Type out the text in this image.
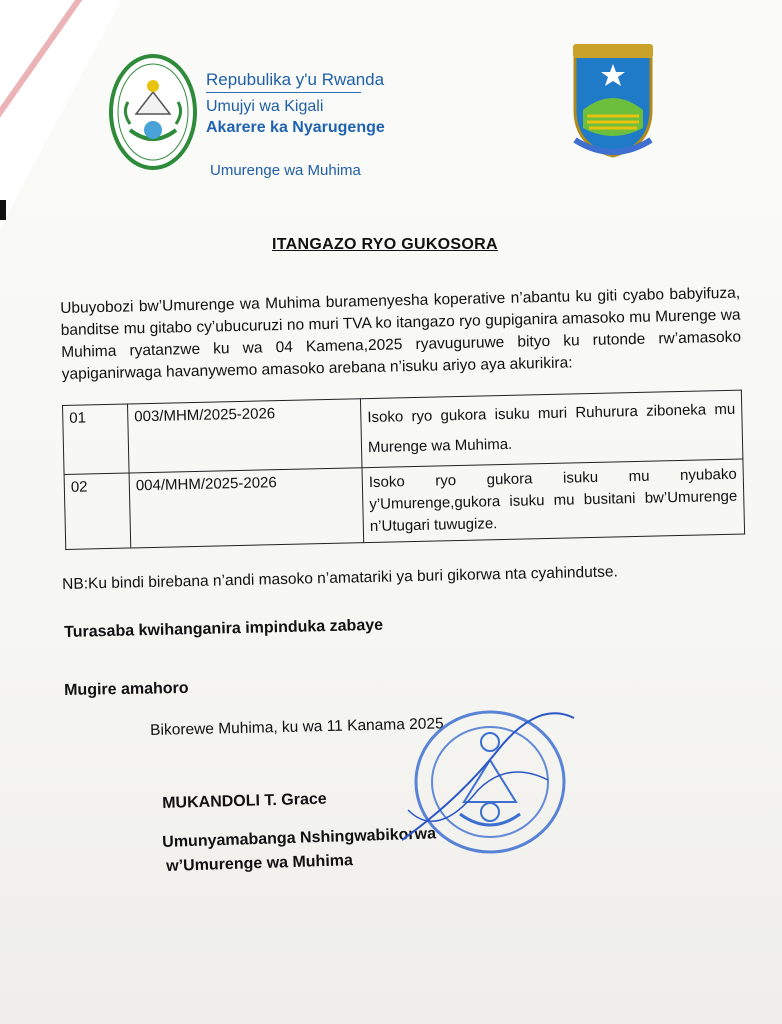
Repubulika y'u Rwanda
Umujyi wa Kigali
Akarere ka Nyarugenge
Umurenge wa Muhima
ITANGAZO RYO GUKOSORA
Ubuyobozi bw’Umurenge wa Muhima buramenyesha koperative n’abantu ku giti cyabo babyifuza, banditse mu gitabo cy’ubucuruzi no muri TVA ko itangazo ryo gupiganira amasoko mu Murenge wa Muhima ryatanzwe ku wa 04 Kamena,2025 ryavuguruwe bityo ku rutonde rw’amasoko yapiganirwaga havanywemo amasoko arebana n’isuku ariyo aya akurikira:
01	003/MHM/2025-2026	Isoko ryo gukora isuku muri Ruhurura ziboneka mu Murenge wa Muhima.
02	004/MHM/2025-2026	Isoko ryo gukora isuku mu nyubako y’Umurenge,gukora isuku mu busitani bw’Umurenge n’Utugari tuwugize.
NB:Ku bindi birebana n’andi masoko n’amatariki ya buri gikorwa nta cyahindutse.
Turasaba kwihanganira impinduka zabaye
Mugire amahoro
Bikorewe Muhima, ku wa 11 Kanama 2025
MUKANDOLI T. Grace
Umunyamabanga Nshingwabikorwa
w’Umurenge wa Muhima
